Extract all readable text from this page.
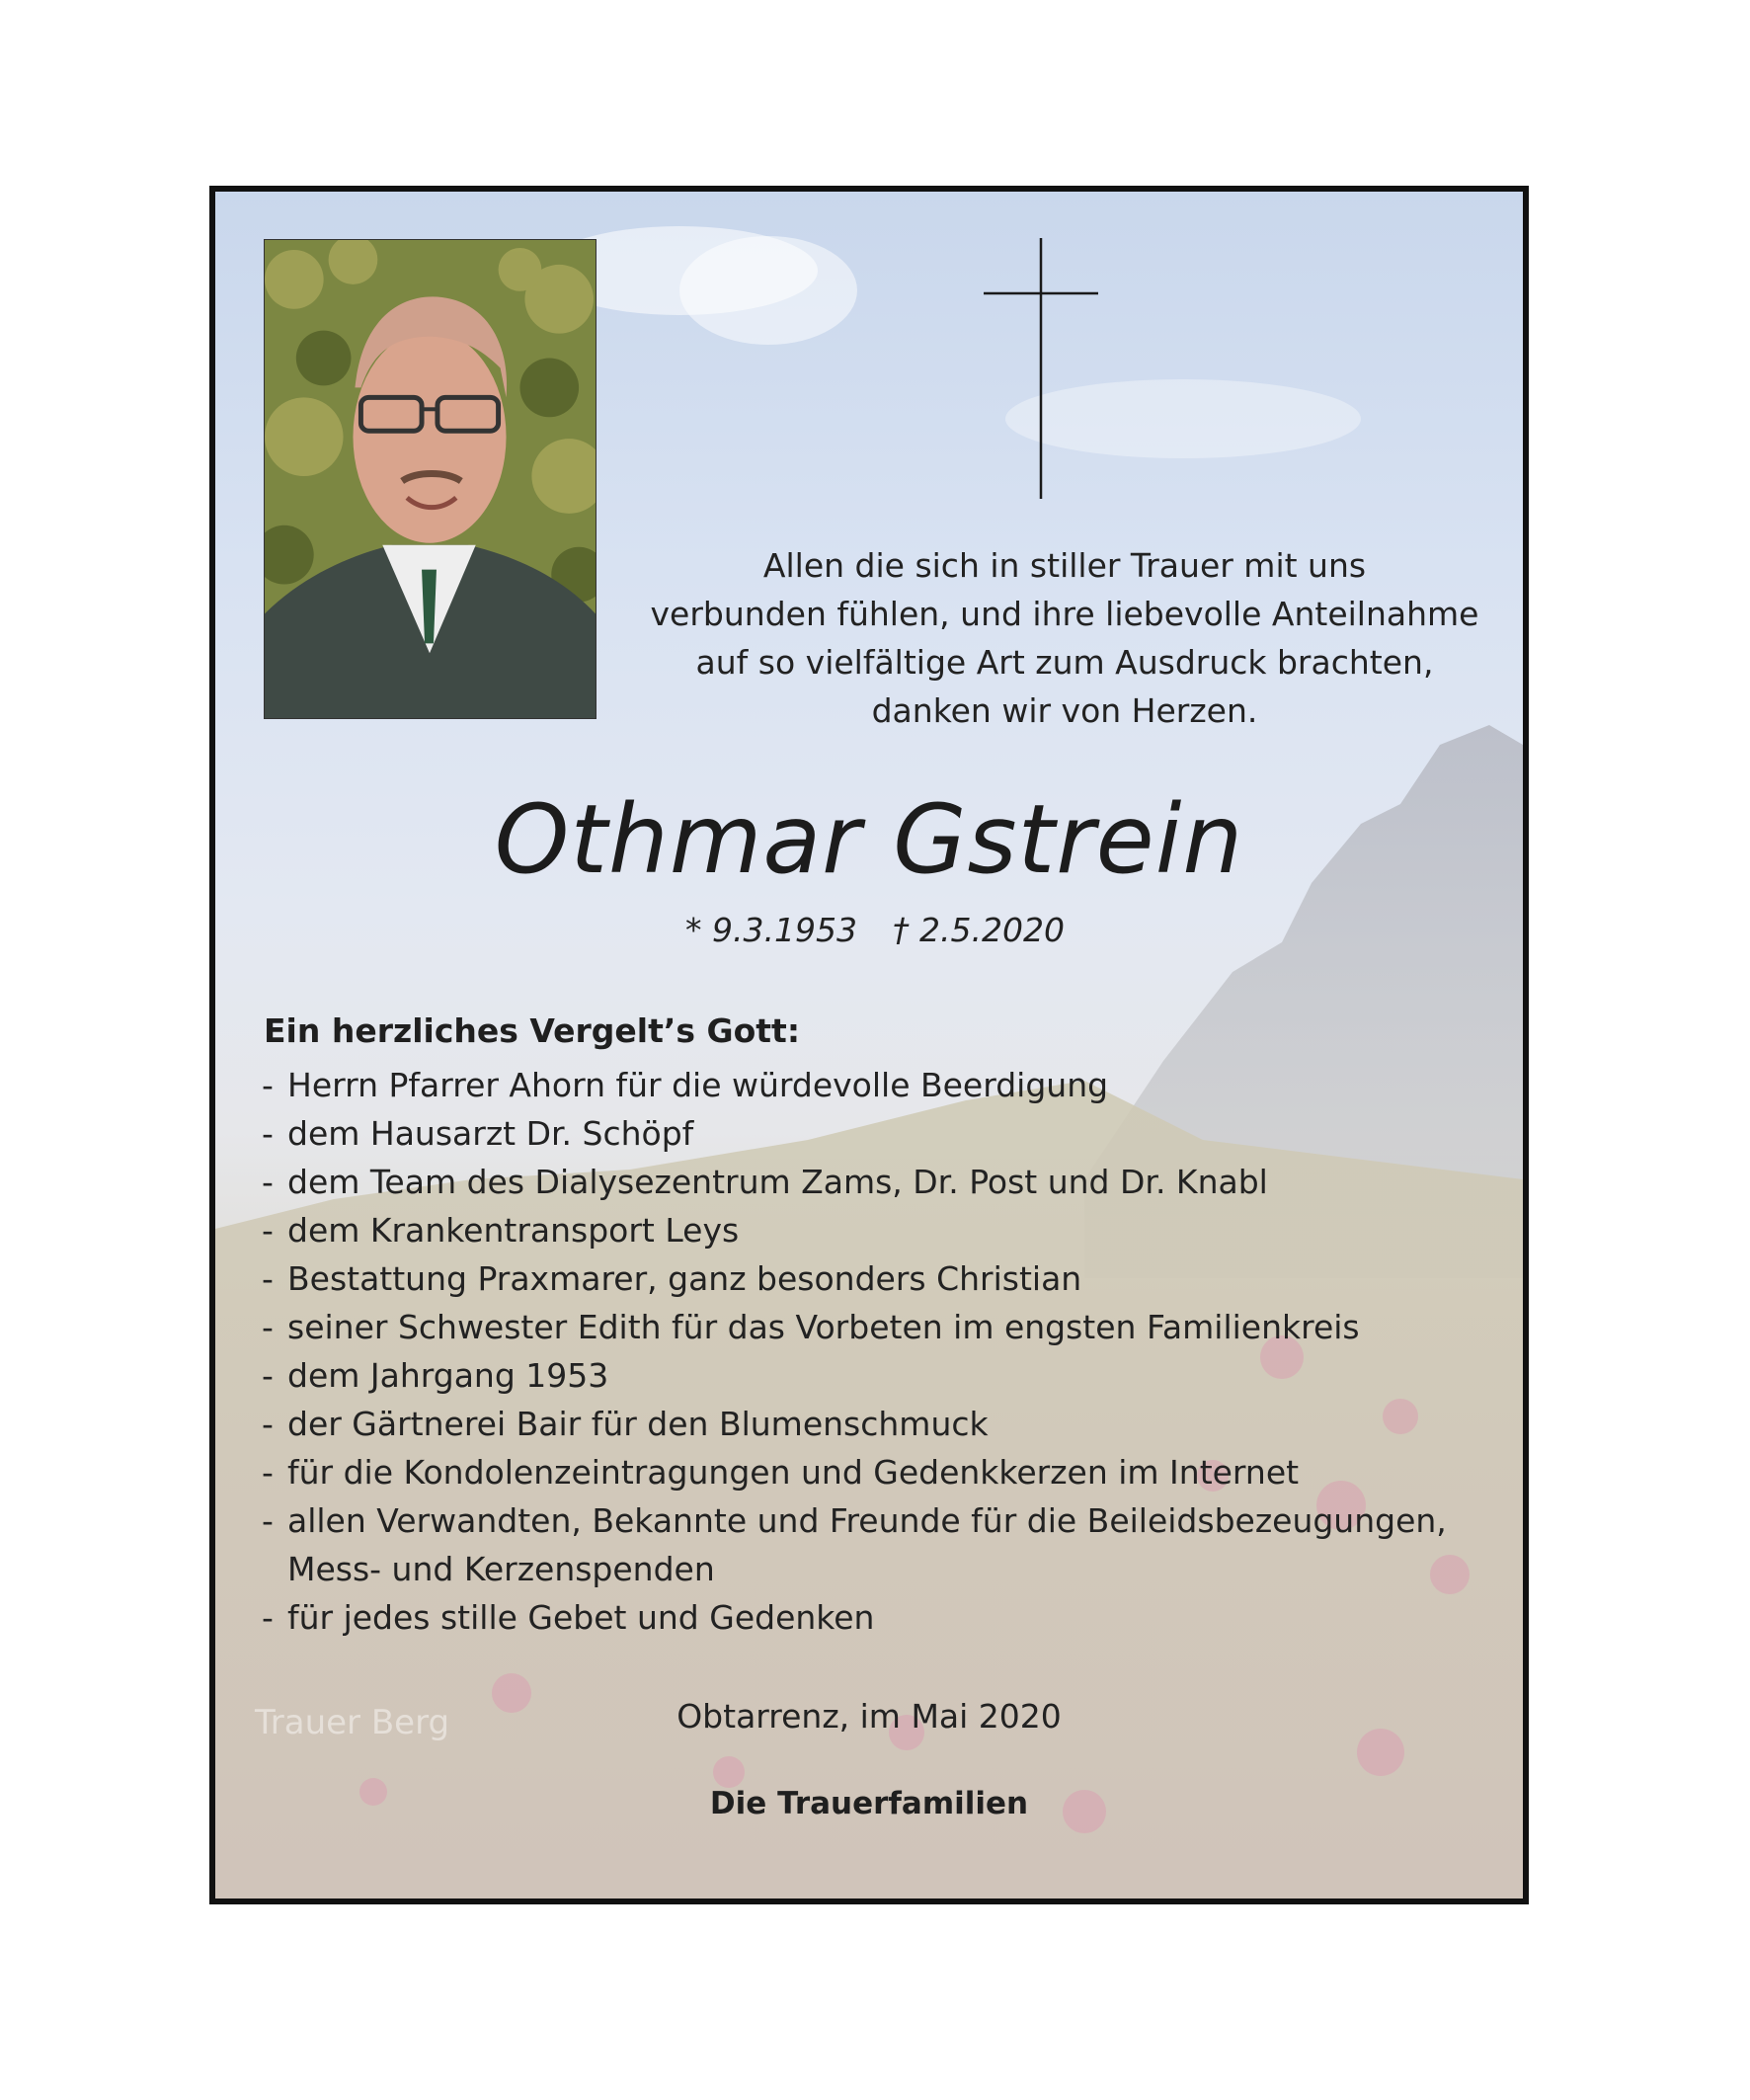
Allen die sich in stiller Trauer mit uns
verbunden fühlen, und ihre liebevolle Anteilnahme
auf so vielfältige Art zum Ausdruck brachten,
danken wir von Herzen.
Othmar Gstrein
* 9.3.1953 † 2.5.2020
Ein herzliches Vergelt’s Gott:
- Herrn Pfarrer Ahorn für die würdevolle Beerdigung
- dem Hausarzt Dr. Schöpf
- dem Team des Dialysezentrum Zams, Dr. Post und Dr. Knabl
- dem Krankentransport Leys
- Bestattung Praxmarer, ganz besonders Christian
- seiner Schwester Edith für das Vorbeten im engsten Familienkreis
- dem Jahrgang 1953
- der Gärtnerei Bair für den Blumenschmuck
- für die Kondolenzeintragungen und Gedenkkerzen im Internet
- allen Verwandten, Bekannte und Freunde für die Beileidsbezeugungen,
Mess- und Kerzenspenden
- für jedes stille Gebet und Gedenken
Trauer Berg	Obtarrenz, im Mai 2020
Die Trauerfamilien
